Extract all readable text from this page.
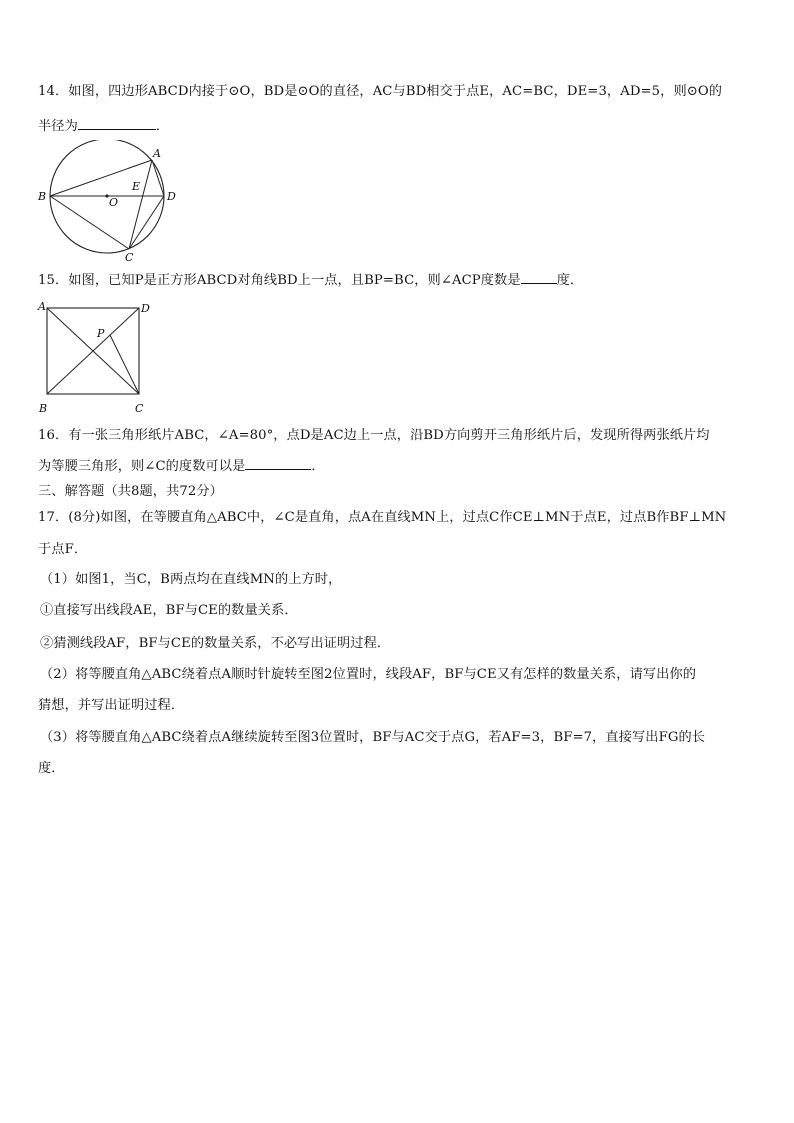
14．如图，四边形ABCD内接于⊙O，BD是⊙O的直径，AC与BD相交于点E，AC=BC，DE=3，AD=5，则⊙O的
半径为	．
B
A
D
C
E
O
15．如图，已知P是正方形ABCD对角线BD上一点，且BP=BC，则∠ACP度数是	度．
A	D
B	C
P
16．有一张三角形纸片ABC，∠A=80°，点D是AC边上一点，沿BD方向剪开三角形纸片后，发现所得两张纸片均
为等腰三角形，则∠C的度数可以是	．
三、解答题（共8题，共72分）
17．(8分)如图，在等腰直角△ABC中，∠C是直角，点A在直线MN上，过点C作CE⊥MN于点E，过点B作BF⊥MN
于点F．
（1）如图1，当C，B两点均在直线MN的上方时，
①直接写出线段AE，BF与CE的数量关系．
②猜测线段AF，BF与CE的数量关系，不必写出证明过程．
（2）将等腰直角△ABC绕着点A顺时针旋转至图2位置时，线段AF，BF与CE又有怎样的数量关系，请写出你的
猜想，并写出证明过程．
（3）将等腰直角△ABC绕着点A继续旋转至图3位置时，BF与AC交于点G，若AF=3，BF=7，直接写出FG的长
度．
